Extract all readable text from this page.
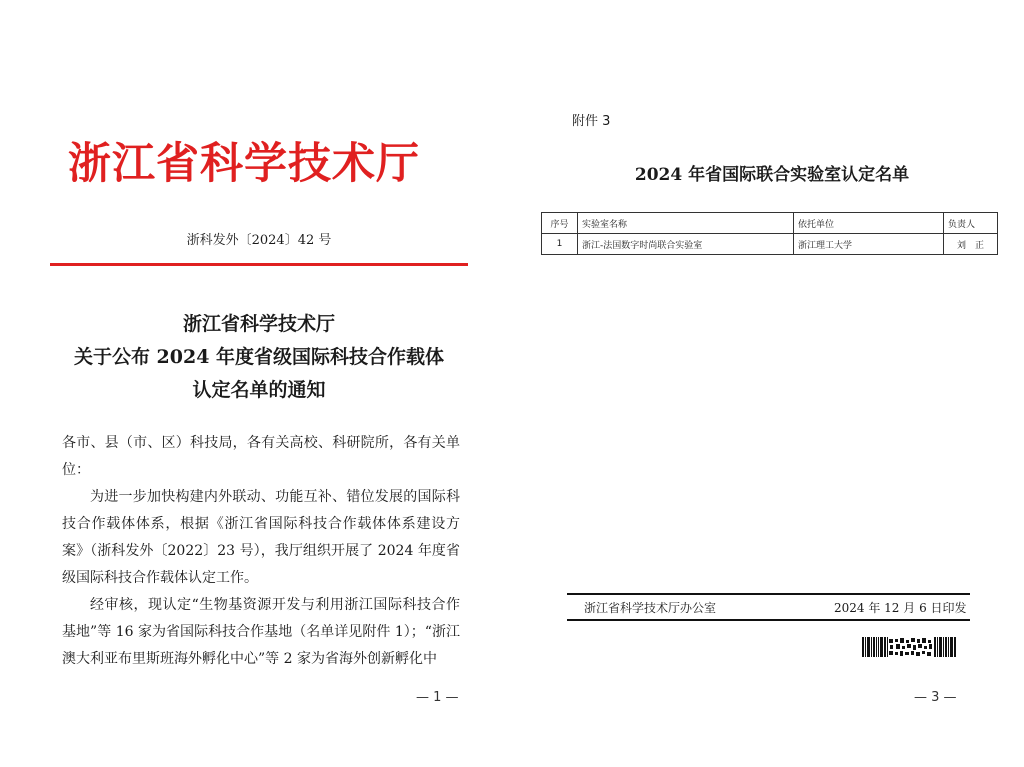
浙江省科学技术厅
浙科发外〔2024〕42 号
浙江省科学技术厅
关于公布 2024 年度省级国际科技合作载体
认定名单的通知

各市、县（市、区）科技局，各有关高校、科研院所，各有关单位：

为进一步加快构建内外联动、功能互补、错位发展的国际科技合作载体体系，根据《浙江省国际科技合作载体体系建设方案》（浙科发外〔2022〕23 号），我厅组织开展了 2024 年度省级国际科技合作载体认定工作。

经审核，现认定“生物基资源开发与利用浙江国际科技合作基地”等 16 家为省国际科技合作基地（名单详见附件 1）；“浙江澳大利亚布里斯班海外孵化中心”等 2 家为省海外创新孵化中

— 1 —
附件 3
2024 年省国际联合实验室认定名单
序号	实验室名称	依托单位	负责人
1	浙江-法国数字时尚联合实验室	浙江理工大学	刘　正
浙江省科学技术厅办公室	2024 年 12 月 6 日印发
— 3 —
